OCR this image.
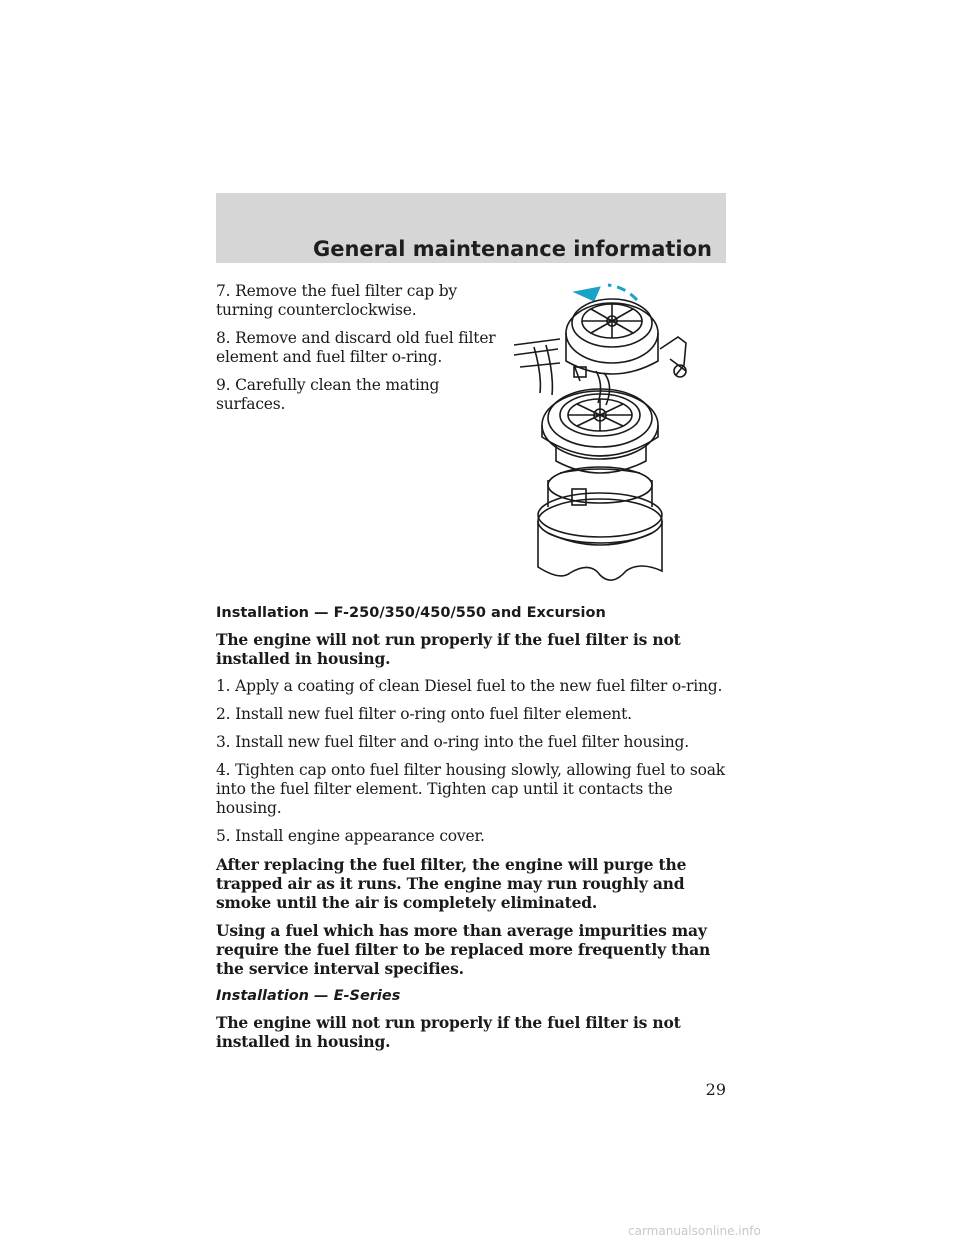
General maintenance information

7. Remove the fuel filter cap by turning counterclockwise.

8. Remove and discard old fuel filter element and fuel filter o-ring.

9. Carefully clean the mating surfaces.

Installation — F-250/350/450/550 and Excursion

The engine will not run properly if the fuel filter is not installed in housing.

1. Apply a coating of clean Diesel fuel to the new fuel filter o-ring.

2. Install new fuel filter o-ring onto fuel filter element.

3. Install new fuel filter and o-ring into the fuel filter housing.

4. Tighten cap onto fuel filter housing slowly, allowing fuel to soak into the fuel filter element. Tighten cap until it contacts the housing.

5. Install engine appearance cover.

After replacing the fuel filter, the engine will purge the trapped air as it runs. The engine may run roughly and smoke until the air is completely eliminated.

Using a fuel which has more than average impurities may require the fuel filter to be replaced more frequently than the service interval specifies.

Installation — E-Series

The engine will not run properly if the fuel filter is not installed in housing.

29
carmanualsonline.info
